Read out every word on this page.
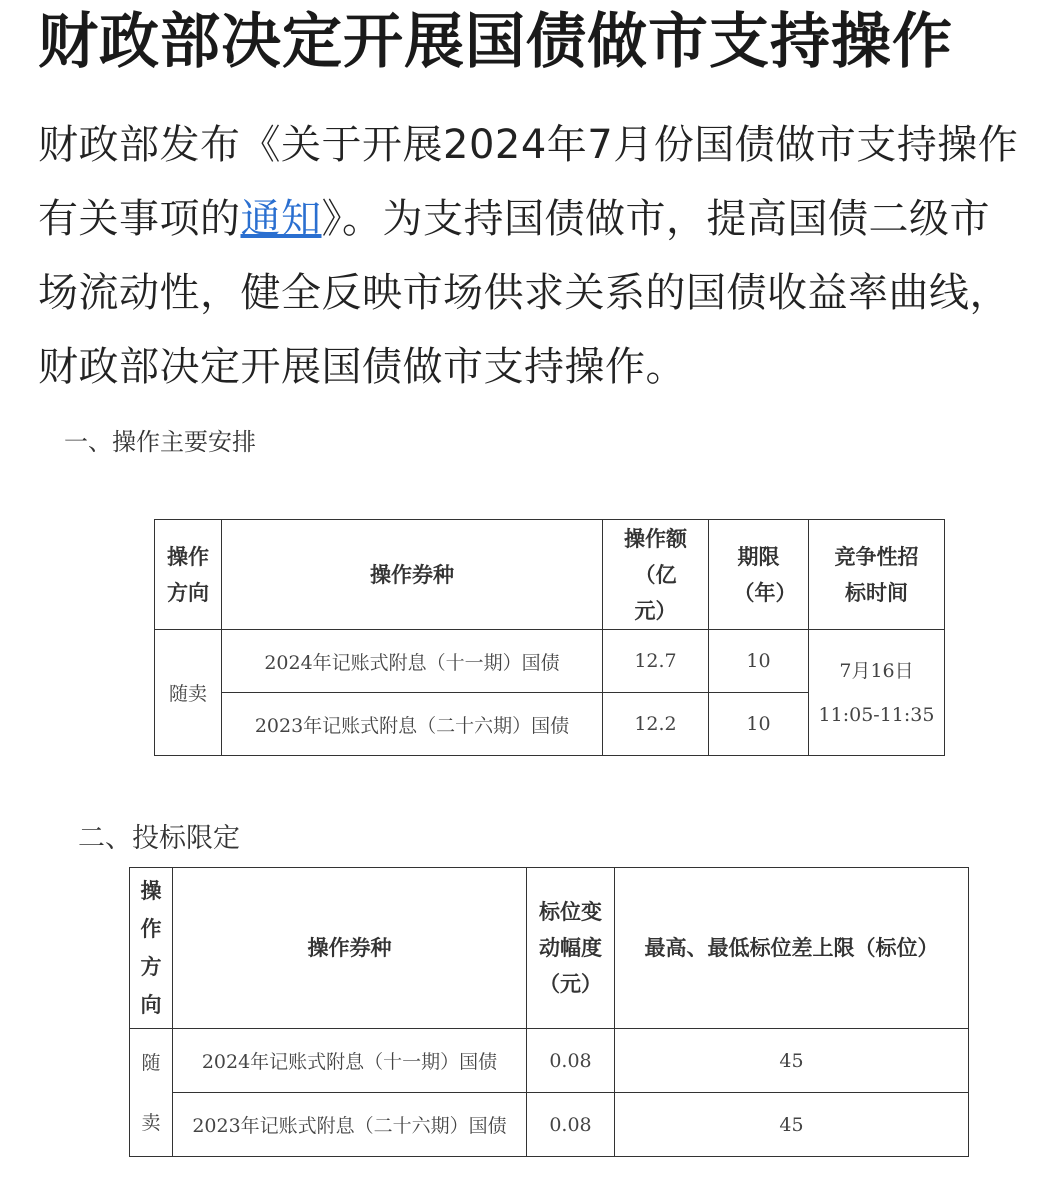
财政部决定开展国债做市支持操作
财政部发布《关于开展2024年7月份国债做市支持操作有关事项的通知》。为支持国债做市，提高国债二级市场流动性，健全反映市场供求关系的国债收益率曲线，财政部决定开展国债做市支持操作。
一、操作主要安排
操作方向	操作券种	操作额（亿元）	期限（年）	竞争性招标时间

随卖	2024年记账式附息（十一期）国债	12.7	10	7月16日
11:05-11:35

	2023年记账式附息（二十六期）国债	12.2	10	
二、投标限定
操作方向	操作券种	标位变动幅度（元）	最高、最低标位差上限（标位）
随卖	2024年记账式附息（十一期）国债	0.08	45
	2023年记账式附息（二十六期）国债	0.08	45
